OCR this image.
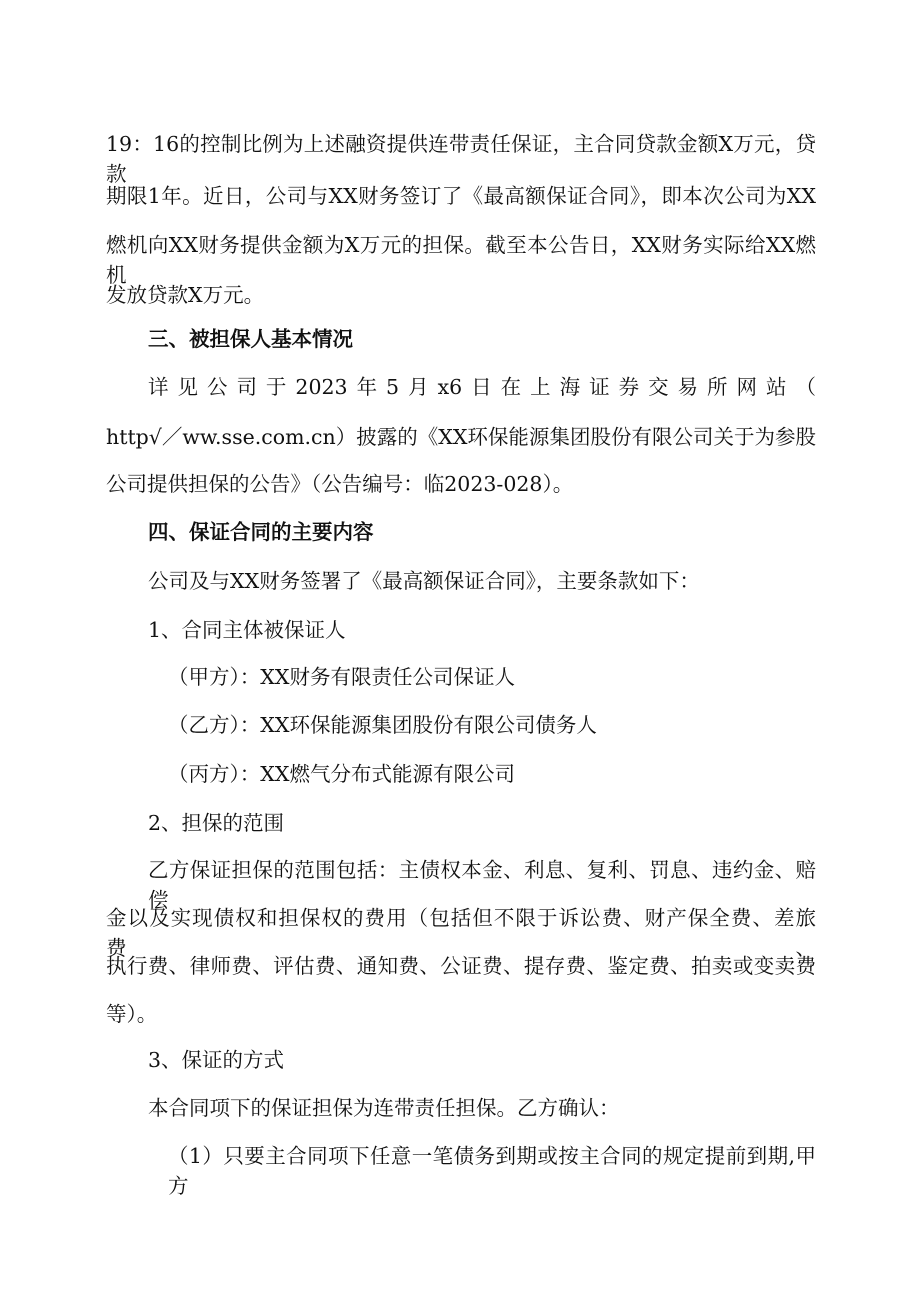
19：16的控制比例为上述融资提供连带责任保证，主合同贷款金额X万元，贷款
期限1年。近日，公司与XX财务签订了《最高额保证合同》，即本次公司为XX
燃机向XX财务提供金额为X万元的担保。截至本公告日，XX财务实际给XX燃机
发放贷款X万元。
三、被担保人基本情况
详见公司于2023年5月x6日在上海证券交易所网站（
http√／ww.sse.com.cn）披露的《XX环保能源集团股份有限公司关于为参股
公司提供担保的公告》（公告编号：临2023-028）。
四、保证合同的主要内容
公司及与XX财务签署了《最高额保证合同》，主要条款如下：
1、合同主体被保证人
（甲方）：XX财务有限责任公司保证人
（乙方）：XX环保能源集团股份有限公司债务人
（丙方）：XX燃气分布式能源有限公司
2、担保的范围
乙方保证担保的范围包括：主债权本金、利息、复利、罚息、违约金、赔偿
金以及实现债权和担保权的费用（包括但不限于诉讼费、财产保全费、差旅费、
执行费、律师费、评估费、通知费、公证费、提存费、鉴定费、拍卖或变卖费
等）。
3、保证的方式
本合同项下的保证担保为连带责任担保。乙方确认：
（1）只要主合同项下任意一笔债务到期或按主合同的规定提前到期,甲方
